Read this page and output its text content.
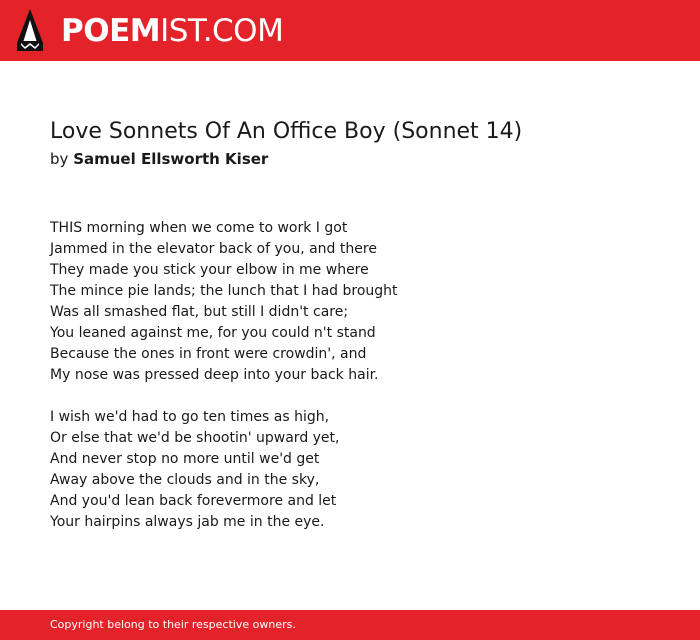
POEMIST.COM
Love Sonnets Of An Office Boy (Sonnet 14)
by Samuel Ellsworth Kiser
THIS morning when we come to work I got
Jammed in the elevator back of you, and there
They made you stick your elbow in me where
The mince pie lands; the lunch that I had brought
Was all smashed flat, but still I didn't care;
You leaned against me, for you could n't stand
Because the ones in front were crowdin', and
My nose was pressed deep into your back hair.
I wish we'd had to go ten times as high,
Or else that we'd be shootin' upward yet,
And never stop no more until we'd get
Away above the clouds and in the sky,
And you'd lean back forevermore and let
Your hairpins always jab me in the eye.
Copyright belong to their respective owners.
